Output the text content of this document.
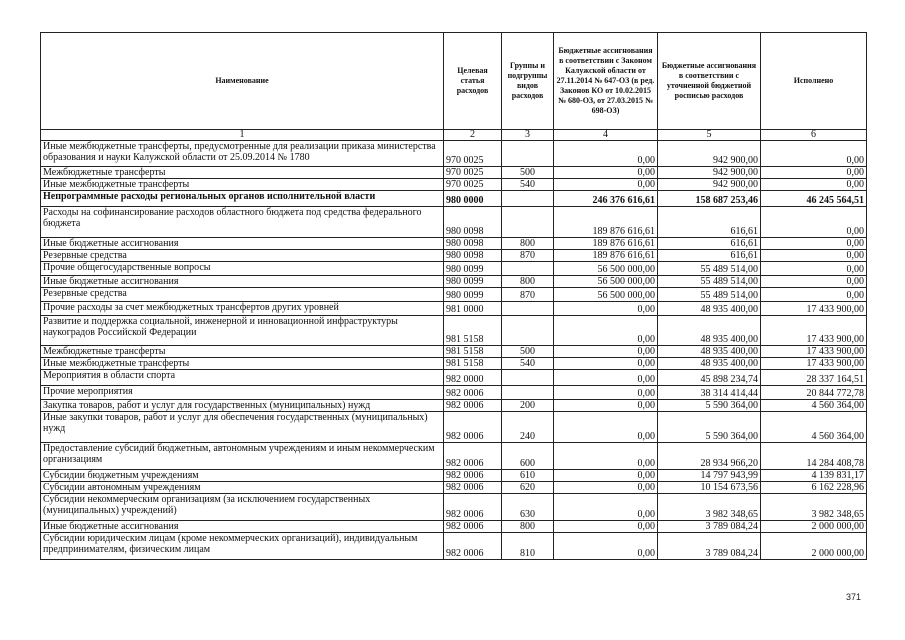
Наименование	Целевая статья расходов	Группы и подгруппы видов расходов	Бюджетные ассигнования в соответствии с Законом Калужской области от 27.11.2014 № 647-ОЗ (в ред. Законов КО от 10.02.2015 № 680-ОЗ, от 27.03.2015 № 698-ОЗ)	Бюджетные ассигнования в соответствии с уточненной бюджетной росписью расходов	Исполнено
1	2	3	4	5	6
Иные межбюджетные трансферты, предусмотренные для реализации приказа министерства образования и науки Калужской области от 25.09.2014 № 1780	970 0025		0,00	942 900,00	0,00
Межбюджетные трансферты	970 0025	500	0,00	942 900,00	0,00
Иные межбюджетные трансферты	970 0025	540	0,00	942 900,00	0,00
Непрограммные расходы региональных органов исполнительной власти	980 0000		246 376 616,61	158 687 253,46	46 245 564,51
Расходы на софинансирование расходов областного бюджета под средства федерального бюджета	980 0098		189 876 616,61	616,61	0,00
Иные бюджетные ассигнования	980 0098	800	189 876 616,61	616,61	0,00
Резервные средства	980 0098	870	189 876 616,61	616,61	0,00
Прочие общегосударственные вопросы	980 0099		56 500 000,00	55 489 514,00	0,00
Иные бюджетные ассигнования	980 0099	800	56 500 000,00	55 489 514,00	0,00
Резервные средства	980 0099	870	56 500 000,00	55 489 514,00	0,00
Прочие расходы за счет межбюджетных трансфертов других уровней	981 0000		0,00	48 935 400,00	17 433 900,00
Развитие и поддержка социальной, инженерной и инновационной инфраструктуры наукоградов Российской Федерации	981 5158		0,00	48 935 400,00	17 433 900,00
Межбюджетные трансферты	981 5158	500	0,00	48 935 400,00	17 433 900,00
Иные межбюджетные трансферты	981 5158	540	0,00	48 935 400,00	17 433 900,00
Мероприятия в области спорта	982 0000		0,00	45 898 234,74	28 337 164,51
Прочие мероприятия	982 0006		0,00	38 314 414,44	20 844 772,78
Закупка товаров, работ и услуг для государственных (муниципальных) нужд	982 0006	200	0,00	5 590 364,00	4 560 364,00
Иные закупки товаров, работ и услуг для обеспечения государственных (муниципальных) нужд	982 0006	240	0,00	5 590 364,00	4 560 364,00
Предоставление субсидий бюджетным, автономным учреждениям и иным некоммерческим организациям	982 0006	600	0,00	28 934 966,20	14 284 408,78
Субсидии бюджетным учреждениям	982 0006	610	0,00	14 797 943,99	4 139 831,17
Субсидии автономным учреждениям	982 0006	620	0,00	10 154 673,56	6 162 228,96
Субсидии некоммерческим организациям (за исключением государственных (муниципальных) учреждений)	982 0006	630	0,00	3 982 348,65	3 982 348,65
Иные бюджетные ассигнования	982 0006	800	0,00	3 789 084,24	2 000 000,00
Субсидии юридическим лицам (кроме некоммерческих организаций), индивидуальным предпринимателям, физическим лицам	982 0006	810	0,00	3 789 084,24	2 000 000,00
371
